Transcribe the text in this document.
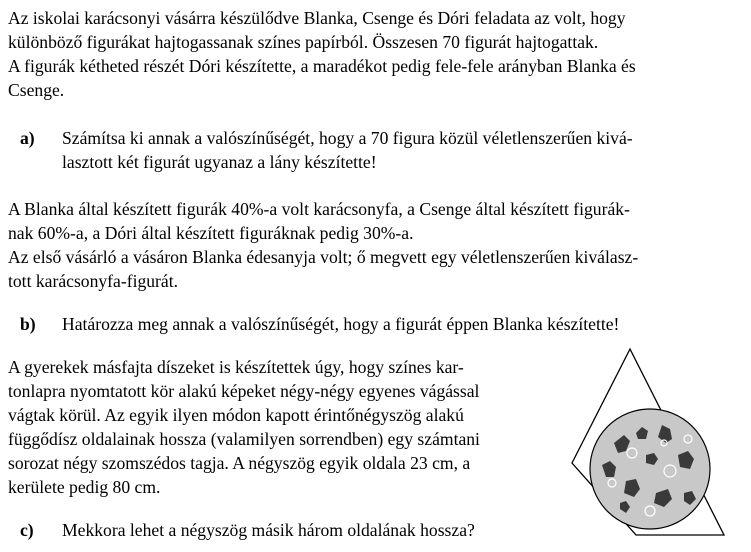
Az iskolai karácsonyi vásárra készülődve Blanka, Csenge és Dóri feladata az volt, hogy
különböző figurákat hajtogassanak színes papírból. Összesen 70 figurát hajtogattak.
A figurák kétheted részét Dóri készítette, a maradékot pedig fele-fele arányban Blanka és
Csenge.
a) Számítsa ki annak a valószínűségét, hogy a 70 figura közül véletlenszerűen kivá-
lasztott két figurát ugyanaz a lány készítette!
A Blanka által készített figurák 40%-a volt karácsonyfa, a Csenge által készített figurák-
nak 60%-a, a Dóri által készített figuráknak pedig 30%-a.
Az első vásárló a vásáron Blanka édesanyja volt; ő megvett egy véletlenszerűen kiválasz-
tott karácsonyfa-figurát.
b) Határozza meg annak a valószínűségét, hogy a figurát éppen Blanka készítette!
A gyerekek másfajta díszeket is készítettek úgy, hogy színes kar-
tonlapra nyomtatott kör alakú képeket négy-négy egyenes vágással
vágtak körül. Az egyik ilyen módon kapott érintőnégyszög alakú
függődísz oldalainak hossza (valamilyen sorrendben) egy számtani
sorozat négy szomszédos tagja. A négyszög egyik oldala 23 cm, a
kerülete pedig 80 cm.
c) Mekkora lehet a négyszög másik három oldalának hossza?
